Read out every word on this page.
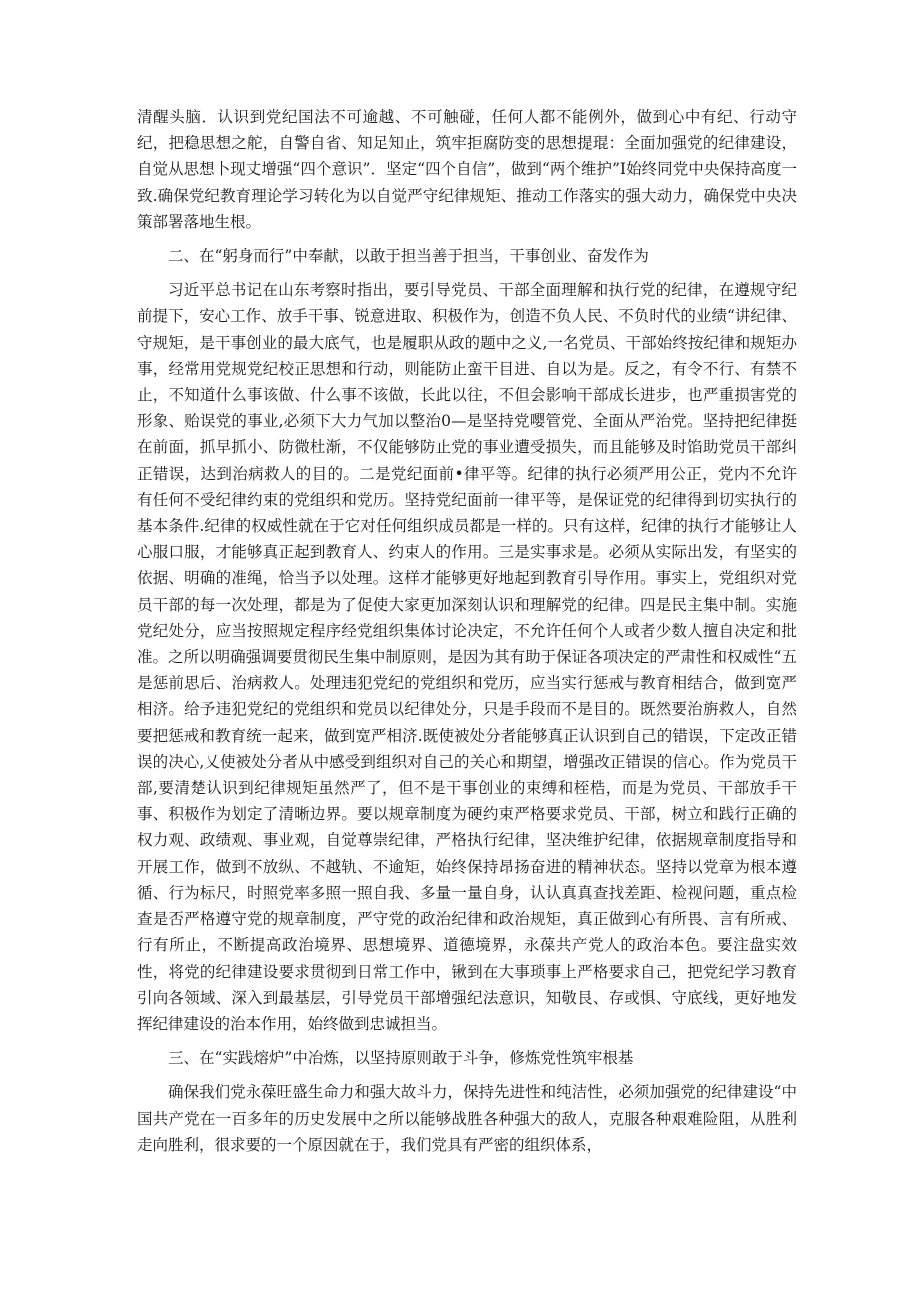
清醒头脑．认识到党纪国法不可逾越、不可触碰，任何人都不能例外，做到心中有纪、行动守纪，把稳思想之舵，自警自省、知足知止，筑牢拒腐防变的思想提琨：全面加强党的纪律建设，自觉从思想卜现丈增强“四个意识”．坚定“四个自信”，做到“两个维护”I始终同党中央保持高度一致.确保党纪教育理论学习转化为以自觉严守纪律规矩、推动工作落实的强大动力，确保党中央决策部署落地生根。

二、在“躬身而行”中奉献，以敢于担当善于担当，干事创业、奋发作为

习近平总书记在山东考察时指出，要引导党员、干部全面理解和执行党的纪律，在遵规守纪前提下，安心工作、放手干事、锐意进取、积极作为，创造不负人民、不负时代的业绩“讲纪律、守规矩，是干事创业的最大底气，也是履职从政的题中之义,一名党员、干部始终按纪律和规矩办事，经常用党规党纪校正思想和行动，则能防止蛮干目进、自以为是。反之，有令不行、有禁不止，不知道什么事该做、什么事不该做，长此以往，不但会影响干部成长进步，也严重损害党的形象、贻误党的事业,必须下大力气加以整治0—是坚持党嘤管党、全面从严治党。坚持把纪律挺在前面，抓早抓小、防微杜渐，不仅能够防止党的事业遭受损失，而且能够及时馅助党员干部纠正错误，达到治病救人的目的。二是党纪面前•律平等。纪律的执行必须严用公正，党内不允许有任何不受纪律约束的党组织和党历。坚持党纪面前一律平等，是保证党的纪律得到切实执行的基本条件.纪律的权威性就在于它对任何组织成员都是一样的。只有这样，纪律的执行才能够让人心服口服，才能够真正起到教育人、约束人的作用。三是实事求是。必须从实际出发，有坚实的依据、明确的准绳，恰当予以处理。这样才能够更好地起到教育引导作用。事实上，党组织对党员干部的每一次处理，都是为了促使大家更加深刻认识和理解党的纪律。四是民主集中制。实施党纪处分，应当按照规定程序经党组织集体讨论决定，不允许任何个人或者少数人擅自决定和批准。之所以明确强调要贯彻民生集中制原则，是因为其有助于保证各项决定的严肃性和权威性“五是惩前思后、治病救人。处理违犯党纪的党组织和党历，应当实行惩戒与教育相结合，做到宽严相济。给予违犯党纪的党组织和党员以纪律处分，只是手段而不是目的。既然要治旃救人，自然要把惩戒和教育统一起来，做到宽严相济.既使被处分者能够真正认识到自己的错误，下定改正错误的决心,乂使被处分者从中感受到组织对自己的关心和期望，增强改正错误的信心。作为党员干部,要清楚认识到纪律规矩虽然严了，但不是干事创业的束缚和桎梏，而是为党员、干部放手干事、积极作为划定了清晰边界。要以规章制度为硬约束严格要求党员、干部，树立和践行正确的权力观、政绩观、事业观，自觉尊崇纪律，严格执行纪律，坚决维护纪律，依据规章制度指导和开展工作，做到不放纵、不越轨、不逾矩，始终保持昂扬奋进的精神状态。坚持以党章为根本遵循、行为标尺，时照党率多照一照自我、多量一量自身，认认真真查找差距、检视问题，重点检查是否严格遵守党的规章制度，严守党的政治纪律和政治规矩，真正做到心有所畏、言有所戒、行有所止，不断提高政治境界、思想境界、道德境界，永葆共产党人的政治本色。要注盘实效性，将党的纪律建设要求贯彻到日常工作中，锹到在大事琐事上严格要求自己，把党纪学习教育引向各领域、深入到最基层，引导党员干部增强纪法意识，知敬艮、存或惧、守底线，更好地发挥纪律建设的治本作用，始终做到忠诚担当。

三、在“实践熔炉”中冶炼，以坚持原则敢于斗争，修炼党性筑牢根基

确保我们党永葆旺盛生命力和强大故斗力，保持先进性和纯洁性，必须加强党的纪律建设“中国共产党在一百多年的历史发展中之所以能够战胜各种强大的敌人，克服各种艰难险阻，从胜利走向胜利，很求要的一个原因就在于，我们党具有严密的组织体系，
